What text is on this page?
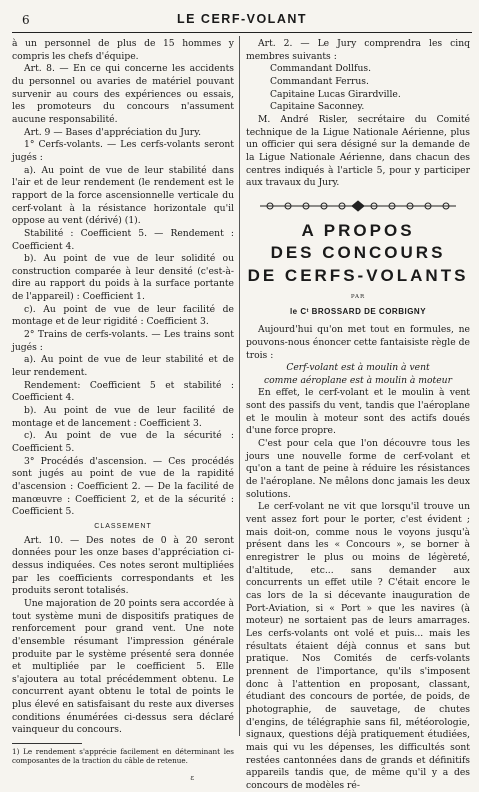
6	LE CERF-VOLANT

à un personnel de plus de 15 hommes y compris les chefs d'équipe.

Art. 8. — En ce qui concerne les accidents du personnel ou avaries de matériel pouvant survenir au cours des expériences ou essais, les promoteurs du concours n'assument aucune responsabilité.

Art. 9 — Bases d'appréciation du Jury.

1° Cerfs-volants. — Les cerfs-volants seront jugés :

a). Au point de vue de leur stabilité dans l'air et de leur rendement (le rendement est le rapport de la force ascensionnelle verticale du cerf-volant à la résistance horizontale qu'il oppose au vent (dérivé) (1).

Stabilité : Coefficient 5. — Rendement : Coefficient 4.

b). Au point de vue de leur solidité ou construction comparée à leur densité (c'est-à-dire au rapport du poids à la surface portante de l'appareil) : Coefficient 1.

c). Au point de vue de leur facilité de montage et de leur rigidité : Coefficient 3.

2° Trains de cerfs-volants. — Les trains sont jugés :

a). Au point de vue de leur stabilité et de leur rendement.

Rendement: Coefficient 5 et stabilité : Coefficient 4.

b). Au point de vue de leur facilité de montage et de lancement : Coefficient 3.

c). Au point de vue de la sécurité : Coefficient 5.

3° Procédés d'ascension. — Ces procédés sont jugés au point de vue de la rapidité d'ascension : Coefficient 2. — De la facilité de manœuvre : Coefficient 2, et de la sécurité : Coefficient 5.

CLASSEMENT

Art. 10. — Des notes de 0 à 20 seront données pour les onze bases d'appréciation ci-dessus indiquées. Ces notes seront multipliées par les coefficients correspondants et les produits seront totalisés.

Une majoration de 20 points sera accordée à tout système muni de dispositifs pratiques de renforcement pour grand vent. Une note d'ensemble résumant l'impression générale produite par le système présenté sera donnée et multipliée par le coefficient 5. Elle s'ajoutera au total précédemment obtenu. Le concurrent ayant obtenu le total de points le plus élevé en satisfaisant du reste aux diverses conditions énumérées ci-dessus sera déclaré vainqueur du concours.

1) Le rendement s'apprécie facilement en déterminant les composantes de la traction du câble de retenue.

ε

Art. 2. — Le Jury comprendra les cinq membres suivants :

Commandant Dollfus.
Commandant Ferrus.
Capitaine Lucas Girardville.
Capitaine Saconney.

M. André Risler, secrétaire du Comité technique de la Ligue Nationale Aérienne, plus un officier qui sera désigné sur la demande de la Ligue Nationale Aérienne, dans chacun des centres indiqués à l'article 5, pour y participer aux travaux du Jury.

A PROPOS
DES CONCOURS
DE CERFS-VOLANTS
PAR
le Cᵗ BROSSARD DE CORBIGNY

Aujourd'hui qu'on met tout en formules, ne pouvons-nous énoncer cette fantaisiste règle de trois :

Cerf-volant est à moulin à vent
comme aéroplane est à moulin à moteur

En effet, le cerf-volant et le moulin à vent sont des passifs du vent, tandis que l'aéroplane et le moulin à moteur sont des actifs doués d'une force propre.

C'est pour cela que l'on découvre tous les jours une nouvelle forme de cerf-volant et qu'on a tant de peine à réduire les résistances de l'aéroplane. Ne mêlons donc jamais les deux solutions.

Le cerf-volant ne vit que lorsqu'il trouve un vent assez fort pour le porter, c'est évident ; mais doit-on, comme nous le voyons jusqu'à présent dans les « Concours », se borner à enregistrer le plus ou moins de légèreté, d'altitude, etc... sans demander aux concurrents un effet utile ? C'était encore le cas lors de la si décevante inauguration de Port-Aviation, si « Port » que les navires (à moteur) ne sortaient pas de leurs amarrages. Les cerfs-volants ont volé et puis... mais les résultats étaient déjà connus et sans but pratique. Nos Comités de cerfs-volants prennent de l'importance, qu'ils s'imposent donc à l'attention en proposant, classant, étudiant des concours de portée, de poids, de photographie, de sauvetage, de chutes d'engins, de télégraphie sans fil, météorologie, signaux, questions déjà pratiquement étudiées, mais qui vu les dépenses, les difficultés sont restées cantonnées dans de grands et définitifs appareils tandis que, de même qu'il y a des concours de modèles ré-
